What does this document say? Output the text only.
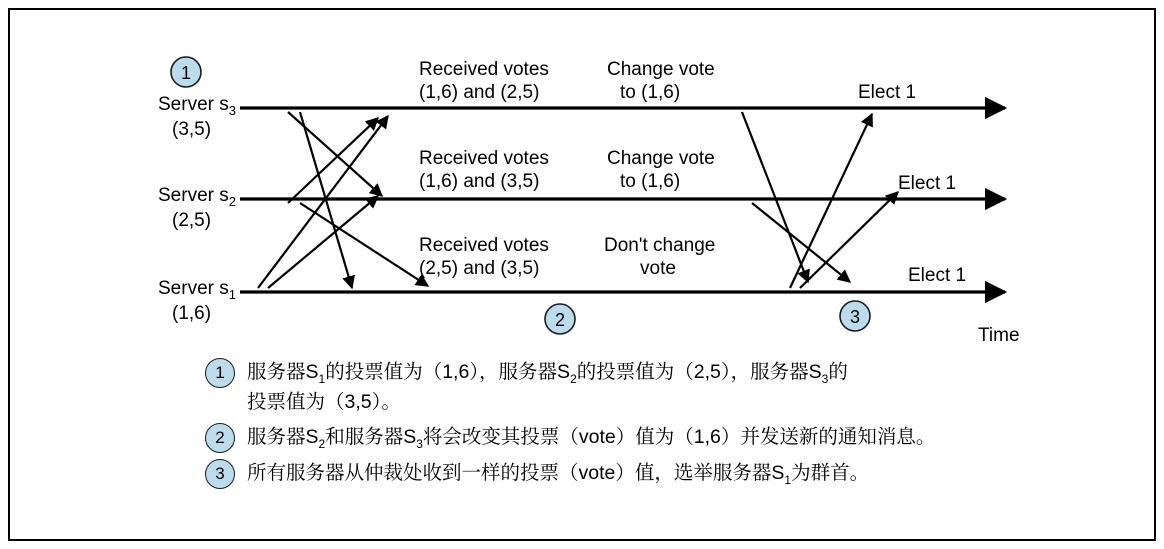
Server $s_3$
(3,5)
Server $s_2$
(2,5)
Server $s_1$
(1,6)
Received votes
(1,6) and (2,5)
Change vote
to (1,6)	Elect 1
Received votes
(1,6) and (3,5)
Change vote
to (1,6)	Elect 1
Received votes
(2,5) and (3,5)
Don't change
vote	Elect 1
Time
1
2	3
1	服务器$S_1$的投票值为（1,6），服务器$S_2$的投票值为（2,5），服务器$S_3$的
投票值为（3,5）。
2	服务器$S_2$和服务器$S_3$将会改变其投票（vote）值为（1,6）并发送新的通知消息。
3	所有服务器从仲裁处收到一样的投票（vote）值，选举服务器$S_1$为群首。
